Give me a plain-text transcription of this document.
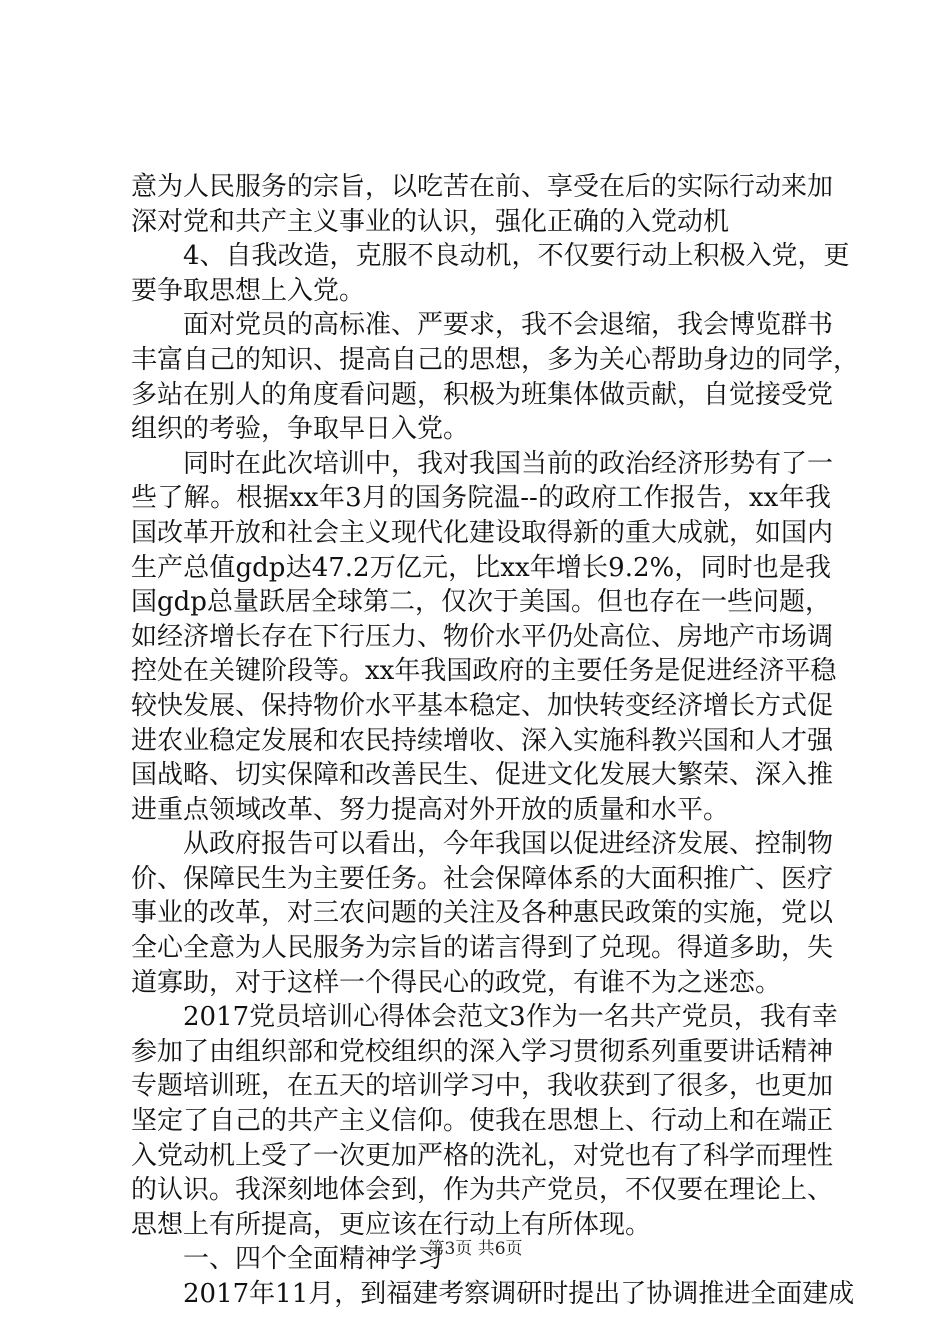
意为人民服务的宗旨，以吃苦在前、享受在后的实际行动来加
深对党和共产主义事业的认识，强化正确的入党动机
　　4、自我改造，克服不良动机，不仅要行动上积极入党，更
要争取思想上入党。
　　面对党员的高标准、严要求，我不会退缩，我会博览群书
丰富自己的知识、提高自己的思想，多为关心帮助身边的同学，
多站在别人的角度看问题，积极为班集体做贡献，自觉接受党
组织的考验，争取早日入党。
　　同时在此次培训中，我对我国当前的政治经济形势有了一
些了解。根据xx年3月的国务院温--的政府工作报告，xx年我
国改革开放和社会主义现代化建设取得新的重大成就，如国内
生产总值gdp达47.2万亿元，比xx年增长9.2%，同时也是我
国gdp总量跃居全球第二，仅次于美国。但也存在一些问题，
如经济增长存在下行压力、物价水平仍处高位、房地产市场调
控处在关键阶段等。xx年我国政府的主要任务是促进经济平稳
较快发展、保持物价水平基本稳定、加快转变经济增长方式促
进农业稳定发展和农民持续增收、深入实施科教兴国和人才强
国战略、切实保障和改善民生、促进文化发展大繁荣、深入推
进重点领域改革、努力提高对外开放的质量和水平。
　　从政府报告可以看出，今年我国以促进经济发展、控制物
价、保障民生为主要任务。社会保障体系的大面积推广、医疗
事业的改革，对三农问题的关注及各种惠民政策的实施，党以
全心全意为人民服务为宗旨的诺言得到了兑现。得道多助，失
道寡助，对于这样一个得民心的政党，有谁不为之迷恋。
　　2017党员培训心得体会范文3作为一名共产党员，我有幸
参加了由组织部和党校组织的深入学习贯彻系列重要讲话精神
专题培训班，在五天的培训学习中，我收获到了很多，也更加
坚定了自己的共产主义信仰。使我在思想上、行动上和在端正
入党动机上受了一次更加严格的洗礼，对党也有了科学而理性
的认识。我深刻地体会到，作为共产党员，不仅要在理论上、
思想上有所提高，更应该在行动上有所体现。
　　一、四个全面精神学习
　　2017年11月，到福建考察调研时提出了协调推进全面建成
第3页 共6页
